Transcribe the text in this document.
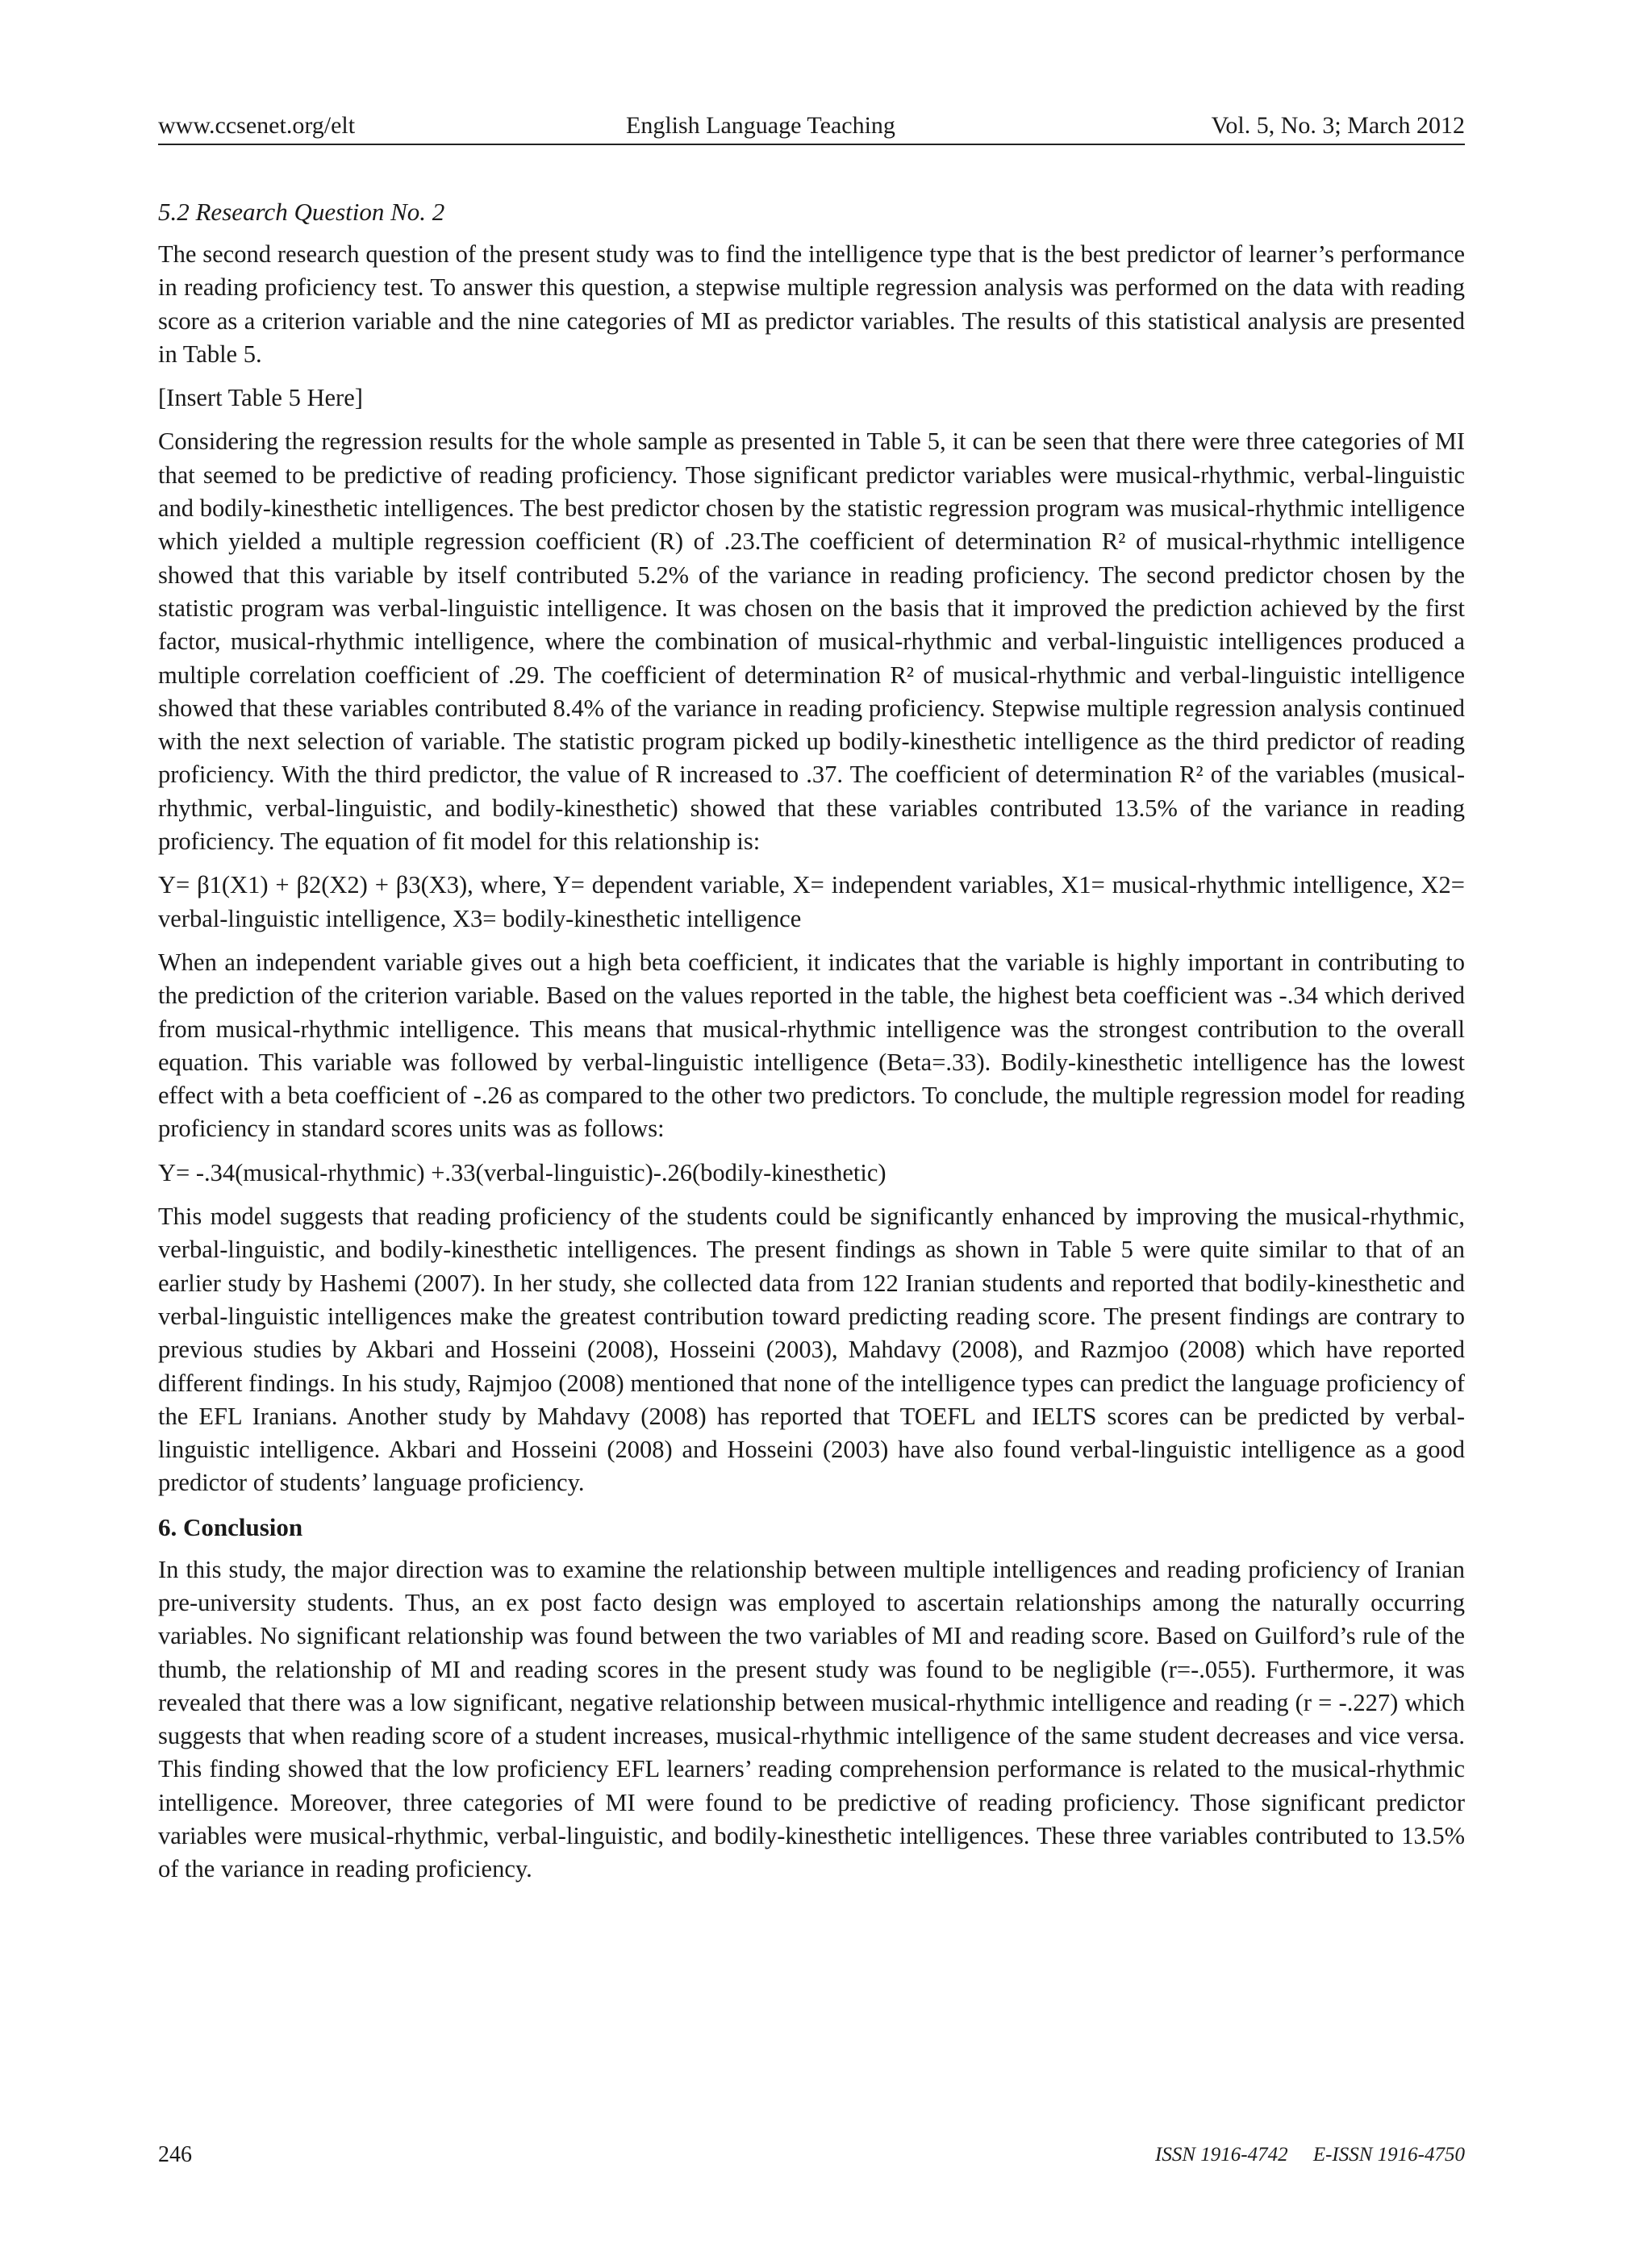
www.ccsenet.org/elt	English Language Teaching	Vol. 5, No. 3; March 2012
5.2 Research Question No. 2

The second research question of the present study was to find the intelligence type that is the best predictor of learner’s performance in reading proficiency test. To answer this question, a stepwise multiple regression analysis was performed on the data with reading score as a criterion variable and the nine categories of MI as predictor variables. The results of this statistical analysis are presented in Table 5.

[Insert Table 5 Here]

Considering the regression results for the whole sample as presented in Table 5, it can be seen that there were three categories of MI that seemed to be predictive of reading proficiency. Those significant predictor variables were musical-rhythmic, verbal-linguistic and bodily-kinesthetic intelligences. The best predictor chosen by the statistic regression program was musical-rhythmic intelligence which yielded a multiple regression coefficient (R) of .23.The coefficient of determination R² of musical-rhythmic intelligence showed that this variable by itself contributed 5.2% of the variance in reading proficiency. The second predictor chosen by the statistic program was verbal-linguistic intelligence. It was chosen on the basis that it improved the prediction achieved by the first factor, musical-rhythmic intelligence, where the combination of musical-rhythmic and verbal-linguistic intelligences produced a multiple correlation coefficient of .29. The coefficient of determination R² of musical-rhythmic and verbal-linguistic intelligence showed that these variables contributed 8.4% of the variance in reading proficiency. Stepwise multiple regression analysis continued with the next selection of variable. The statistic program picked up bodily-kinesthetic intelligence as the third predictor of reading proficiency. With the third predictor, the value of R increased to .37. The coefficient of determination R² of the variables (musical-rhythmic, verbal-linguistic, and bodily-kinesthetic) showed that these variables contributed 13.5% of the variance in reading proficiency. The equation of fit model for this relationship is:

Y= β1(X1) + β2(X2) + β3(X3), where, Y= dependent variable, X= independent variables, X1= musical-rhythmic intelligence, X2= verbal-linguistic intelligence, X3= bodily-kinesthetic intelligence

When an independent variable gives out a high beta coefficient, it indicates that the variable is highly important in contributing to the prediction of the criterion variable. Based on the values reported in the table, the highest beta coefficient was -.34 which derived from musical-rhythmic intelligence. This means that musical-rhythmic intelligence was the strongest contribution to the overall equation. This variable was followed by verbal-linguistic intelligence (Beta=.33). Bodily-kinesthetic intelligence has the lowest effect with a beta coefficient of -.26 as compared to the other two predictors. To conclude, the multiple regression model for reading proficiency in standard scores units was as follows:

Y= -.34(musical-rhythmic) +.33(verbal-linguistic)-.26(bodily-kinesthetic)

This model suggests that reading proficiency of the students could be significantly enhanced by improving the musical-rhythmic, verbal-linguistic, and bodily-kinesthetic intelligences. The present findings as shown in Table 5 were quite similar to that of an earlier study by Hashemi (2007). In her study, she collected data from 122 Iranian students and reported that bodily-kinesthetic and verbal-linguistic intelligences make the greatest contribution toward predicting reading score. The present findings are contrary to previous studies by Akbari and Hosseini (2008), Hosseini (2003), Mahdavy (2008), and Razmjoo (2008) which have reported different findings. In his study, Rajmjoo (2008) mentioned that none of the intelligence types can predict the language proficiency of the EFL Iranians. Another study by Mahdavy (2008) has reported that TOEFL and IELTS scores can be predicted by verbal-linguistic intelligence. Akbari and Hosseini (2008) and Hosseini (2003) have also found verbal-linguistic intelligence as a good predictor of students’ language proficiency.

6. Conclusion

In this study, the major direction was to examine the relationship between multiple intelligences and reading proficiency of Iranian pre-university students. Thus, an ex post facto design was employed to ascertain relationships among the naturally occurring variables. No significant relationship was found between the two variables of MI and reading score. Based on Guilford’s rule of the thumb, the relationship of MI and reading scores in the present study was found to be negligible (r=-.055). Furthermore, it was revealed that there was a low significant, negative relationship between musical-rhythmic intelligence and reading (r = -.227) which suggests that when reading score of a student increases, musical-rhythmic intelligence of the same student decreases and vice versa. This finding showed that the low proficiency EFL learners’ reading comprehension performance is related to the musical-rhythmic intelligence. Moreover, three categories of MI were found to be predictive of reading proficiency. Those significant predictor variables were musical-rhythmic, verbal-linguistic, and bodily-kinesthetic intelligences. These three variables contributed to 13.5% of the variance in reading proficiency.

246	ISSN 1916-4742     E-ISSN 1916-4750
